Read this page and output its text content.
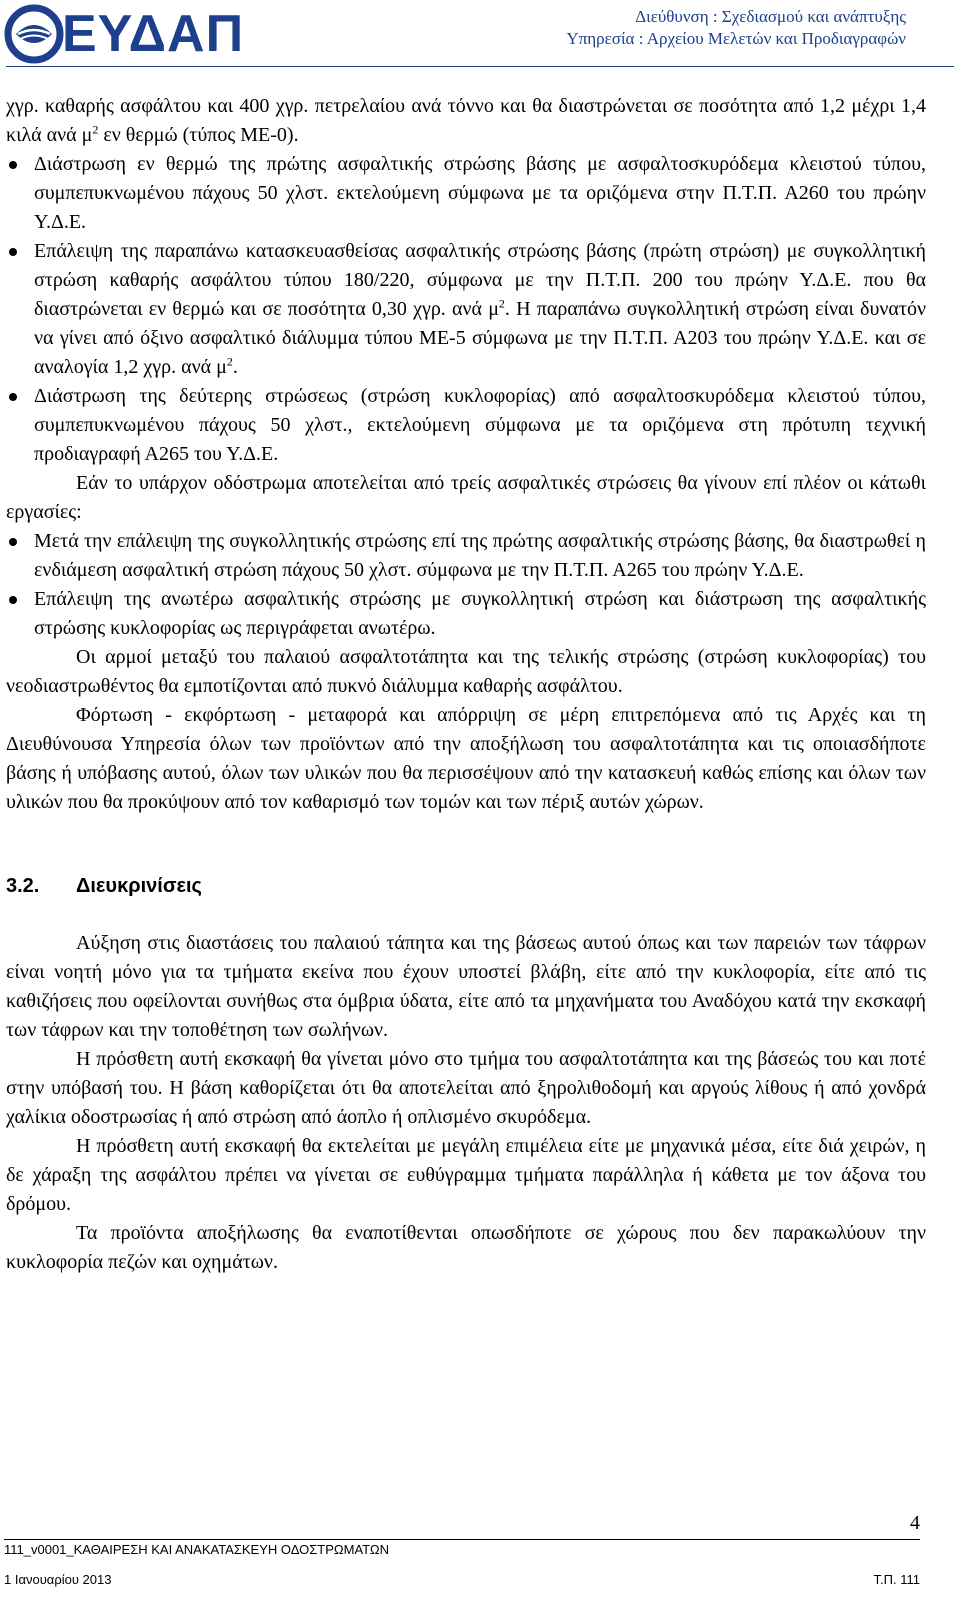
ΕΥΔΑΠ	Διεύθυνση : Σχεδιασμού και ανάπτυξης
Υπηρεσία : Αρχείου Μελετών και Προδιαγραφών

χγρ. καθαρής ασφάλτου και 400 χγρ. πετρελαίου ανά τόννο και θα διαστρώνεται σε ποσότητα από 1,2 μέχρι 1,4 κιλά ανά $\mu^2$ εν θερμώ (τύπος ΜΕ-0).

Διάστρωση εν θερμώ της πρώτης ασφαλτικής στρώσης βάσης με ασφαλτοσκυρόδεμα κλειστού τύπου, συμπεπυκνωμένου πάχους 50 χλστ. εκτελούμενη σύμφωνα με τα οριζόμενα στην Π.Τ.Π. Α260 του πρώην Υ.Δ.Ε.
Επάλειψη της παραπάνω κατασκευασθείσας ασφαλτικής στρώσης βάσης (πρώτη στρώση) με συγκολλητική στρώση καθαρής ασφάλτου τύπου 180/220, σύμφωνα με την Π.Τ.Π. 200 του πρώην Υ.Δ.Ε. που θα διαστρώνεται εν θερμώ και σε ποσότητα 0,30 χγρ. ανά $\mu^2$. Η παραπάνω συγκολλητική στρώση είναι δυνατόν να γίνει από όξινο ασφαλτικό διάλυμμα τύπου ΜΕ-5 σύμφωνα με την Π.Τ.Π. Α203 του πρώην Υ.Δ.Ε. και σε αναλογία 1,2 χγρ. ανά $\mu^2$.
Διάστρωση της δεύτερης στρώσεως (στρώση κυκλοφορίας) από ασφαλτοσκυρόδεμα κλειστού τύπου, συμπεπυκνωμένου πάχους 50 χλστ., εκτελούμενη σύμφωνα με τα οριζόμενα στη πρότυπη τεχνική προδιαγραφή Α265 του Υ.Δ.Ε.

Εάν το υπάρχον οδόστρωμα αποτελείται από τρείς ασφαλτικές στρώσεις θα γίνουν επί πλέον οι κάτωθι εργασίες:

Μετά την επάλειψη της συγκολλητικής στρώσης επί της πρώτης ασφαλτικής στρώσης βάσης, θα διαστρωθεί η ενδιάμεση ασφαλτική στρώση πάχους 50 χλστ. σύμφωνα με την Π.Τ.Π. Α265 του πρώην Υ.Δ.Ε.
Επάλειψη της ανωτέρω ασφαλτικής στρώσης με συγκολλητική στρώση και διάστρωση της ασφαλτικής στρώσης κυκλοφορίας ως περιγράφεται ανωτέρω.

Οι αρμοί μεταξύ του παλαιού ασφαλτοτάπητα και της τελικής στρώσης (στρώση κυκλοφορίας) του νεοδιαστρωθέντος θα εμποτίζονται από πυκνό διάλυμμα καθαρής ασφάλτου.

Φόρτωση - εκφόρτωση - μεταφορά και απόρριψη σε μέρη επιτρεπόμενα από τις Αρχές και τη Διευθύνουσα Υπηρεσία όλων των προϊόντων από την αποξήλωση του ασφαλτοτάπητα και τις οποιασδήποτε βάσης ή υπόβασης αυτού, όλων των υλικών που θα περισσέψουν από την κατασκευή καθώς επίσης και όλων των υλικών που θα προκύψουν από τον καθαρισμό των τομών και των πέριξ αυτών χώρων.

3.2. Διευκρινίσεις

Αύξηση στις διαστάσεις του παλαιού τάπητα και της βάσεως αυτού όπως και των παρειών των τάφρων είναι νοητή μόνο για τα τμήματα εκείνα που έχουν υποστεί βλάβη, είτε από την κυκλοφορία, είτε από τις καθιζήσεις που οφείλονται συνήθως στα όμβρια ύδατα, είτε από τα μηχανήματα του Αναδόχου κατά την εκσκαφή των τάφρων και την τοποθέτηση των σωλήνων.

Η πρόσθετη αυτή εκσκαφή θα γίνεται μόνο στο τμήμα του ασφαλτοτάπητα και της βάσεώς του και ποτέ στην υπόβασή του. Η βάση καθορίζεται ότι θα αποτελείται από ξηρολιθοδομή και αργούς λίθους ή από χονδρά χαλίκια οδοστρωσίας ή από στρώση από άοπλο ή οπλισμένο σκυρόδεμα.

Η πρόσθετη αυτή εκσκαφή θα εκτελείται με μεγάλη επιμέλεια είτε με μηχανικά μέσα, είτε διά χειρών, η δε χάραξη της ασφάλτου πρέπει να γίνεται σε ευθύγραμμα τμήματα παράλληλα ή κάθετα με τον άξονα του δρόμου.

Τα προϊόντα αποξήλωσης θα εναποτίθενται οπωσδήποτε σε χώρους που δεν παρακωλύουν την κυκλοφορία πεζών και οχημάτων.

4
111_v0001_ΚΑΘΑΙΡΕΣΗ ΚΑΙ ΑΝΑΚΑΤΑΣΚΕΥΗ ΟΔΟΣΤΡΩΜΑΤΩΝ
1 Ιανουαρίου 2013	Τ.Π. 111
